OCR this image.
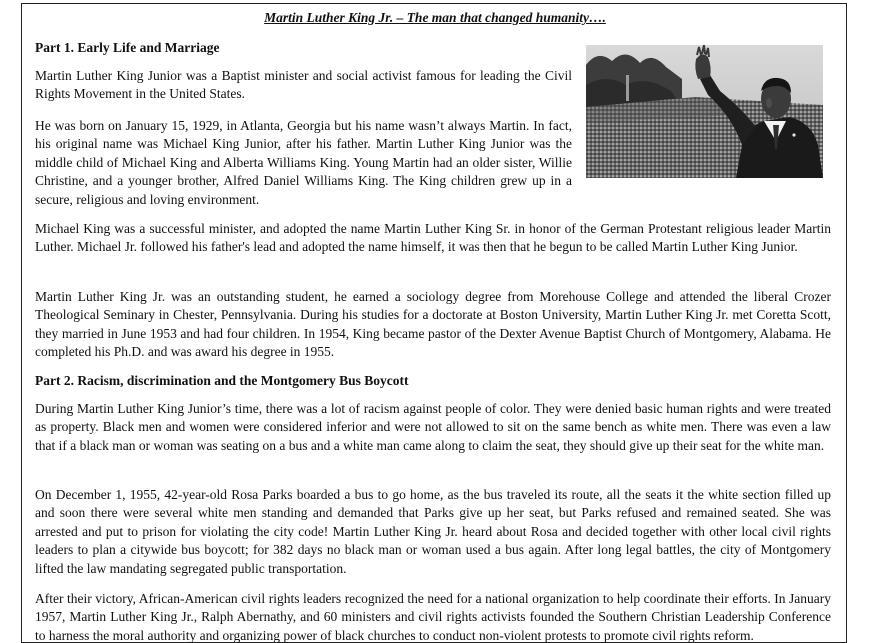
Martin Luther King Jr. – The man that changed humanity….
Part 1. Early Life and Marriage

Martin Luther King Junior was a Baptist minister and social activist famous for leading the Civil Rights Movement in the United States.

He was born on January 15, 1929, in Atlanta, Georgia but his name wasn’t always Martin. In fact, his original name was Michael King Junior, after his father. Martin Luther King Junior was the middle child of Michael King and Alberta Williams King. Young Martin had an older sister, Willie Christine, and a younger brother, Alfred Daniel Williams King. The King children grew up in a secure, religious and loving environment.

Michael King was a successful minister, and adopted the name Martin Luther King Sr. in honor of the German Protestant religious leader Martin Luther. Michael Jr. followed his father's lead and adopted the name himself, it was then that he begun to be called Martin Luther King Junior.

Martin Luther King Jr. was an outstanding student, he earned a sociology degree from Morehouse College and attended the liberal Crozer Theological Seminary in Chester, Pennsylvania. During his studies for a doctorate at Boston University, Martin Luther King Jr. met Coretta Scott, they married in June 1953 and had four children. In 1954, King became pastor of the Dexter Avenue Baptist Church of Montgomery, Alabama. He completed his Ph.D. and was award his degree in 1955.

Part 2. Racism, discrimination and the Montgomery Bus Boycott

During Martin Luther King Junior’s time, there was a lot of racism against people of color. They were denied basic human rights and were treated as property. Black men and women were considered inferior and were not allowed to sit on the same bench as white men. There was even a law that if a black man or woman was seating on a bus and a white man came along to claim the seat, they should give up their seat for the white man.

On December 1, 1955, 42-year-old Rosa Parks boarded a bus to go home, as the bus traveled its route, all the seats it the white section filled up and soon there were several white men standing and demanded that Parks give up her seat, but Parks refused and remained seated. She was arrested and put to prison for violating the city code! Martin Luther King Jr. heard about Rosa and decided together with other local civil rights leaders to plan a citywide bus boycott; for 382 days no black man or woman used a bus again. After long legal battles, the city of Montgomery lifted the law mandating segregated public transportation.

After their victory, African-American civil rights leaders recognized the need for a national organization to help coordinate their efforts. In January 1957, Martin Luther King Jr., Ralph Abernathy, and 60 ministers and civil rights activists founded the Southern Christian Leadership Conference to harness the moral authority and organizing power of black churches to conduct non-violent protests to promote civil rights reform.
